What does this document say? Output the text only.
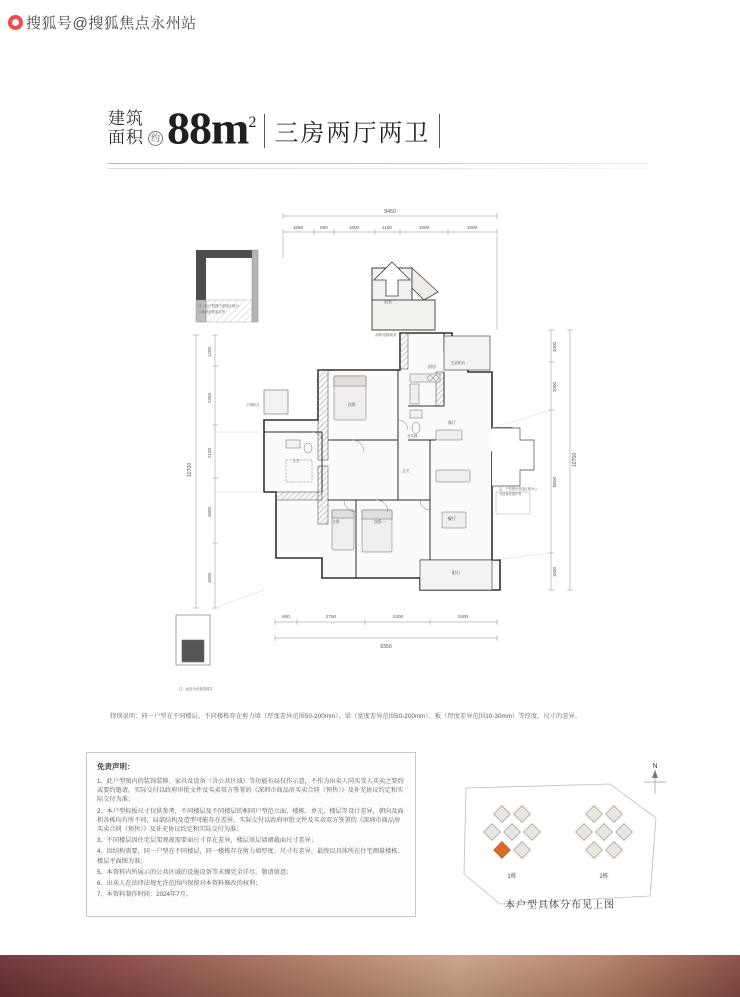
搜狐号@搜狐焦点永州站
建筑
面积 约 $88m^2$ 三房两厅两卫
9450
1650	800	1800	1100	1800	1800
10700
1200
2350
2100
2600
1600
10700
1000
2000
6600
1500
800	2750	2400	2400
9350
注：以户型图中虚线区域为
公共设备管道井等
前室
消防电梯前室
阳台
生活阳台
注：户型图中虚线区域为公
共设备管道井等
厨房
卫生间
主卫
次卧
主卧	次卧一
客厅
餐厅
玄关
空调机位
注：此处为设备管道井
特别说明：同一户型在不同楼层，不同楼栋存在剪力墙（厚度差异范围50-200mm）、梁（宽度差异范围50-200mm）、板（厚度差异范围10-30mm）等厚度、尺寸的差异。
免责声明：

1、此户型图内的装饰装修、家具及设备（含公共区域）等功能布局仅作示意，不作为出卖人同买受人买卖之要约或要约邀请，实际交付以政府审批文件及买卖双方签署的《深圳市商品房买卖合同（预售）》及补充协议约定和实际交付为准；

2、本户型标板尺寸仅供参考，不同楼层及不同楼层的相同户型范立面、楼栋、单元、楼层等设计差异，朝向及面积各栋均有所不同，局部结构及造型可能存在差异，实际交付以政府审批文件及买卖双方签署的《深圳市商品房买卖合同（预售）》及补充协议约定和实际交付为准；

3、不同楼层因住宅层架观视需要面尺寸存在差异，楼层基层墙裙截面尺寸差异；

4、因结构需要，同一户型在不同楼层，同一楼栋存在剪力墙厚度、尺寸有差异，最终以具体所在住宅测量楼栋、楼层平面图为准；

5、本资料内所展示的公共区域的设施设备等未臻完全详尽，敬请留意；

6、出卖人在法律法规允许范围内保留对本资料修改的权利；

7、本资料制作时间：2024年7月。

1栋	2栋
本户型具体分布见上图
N
